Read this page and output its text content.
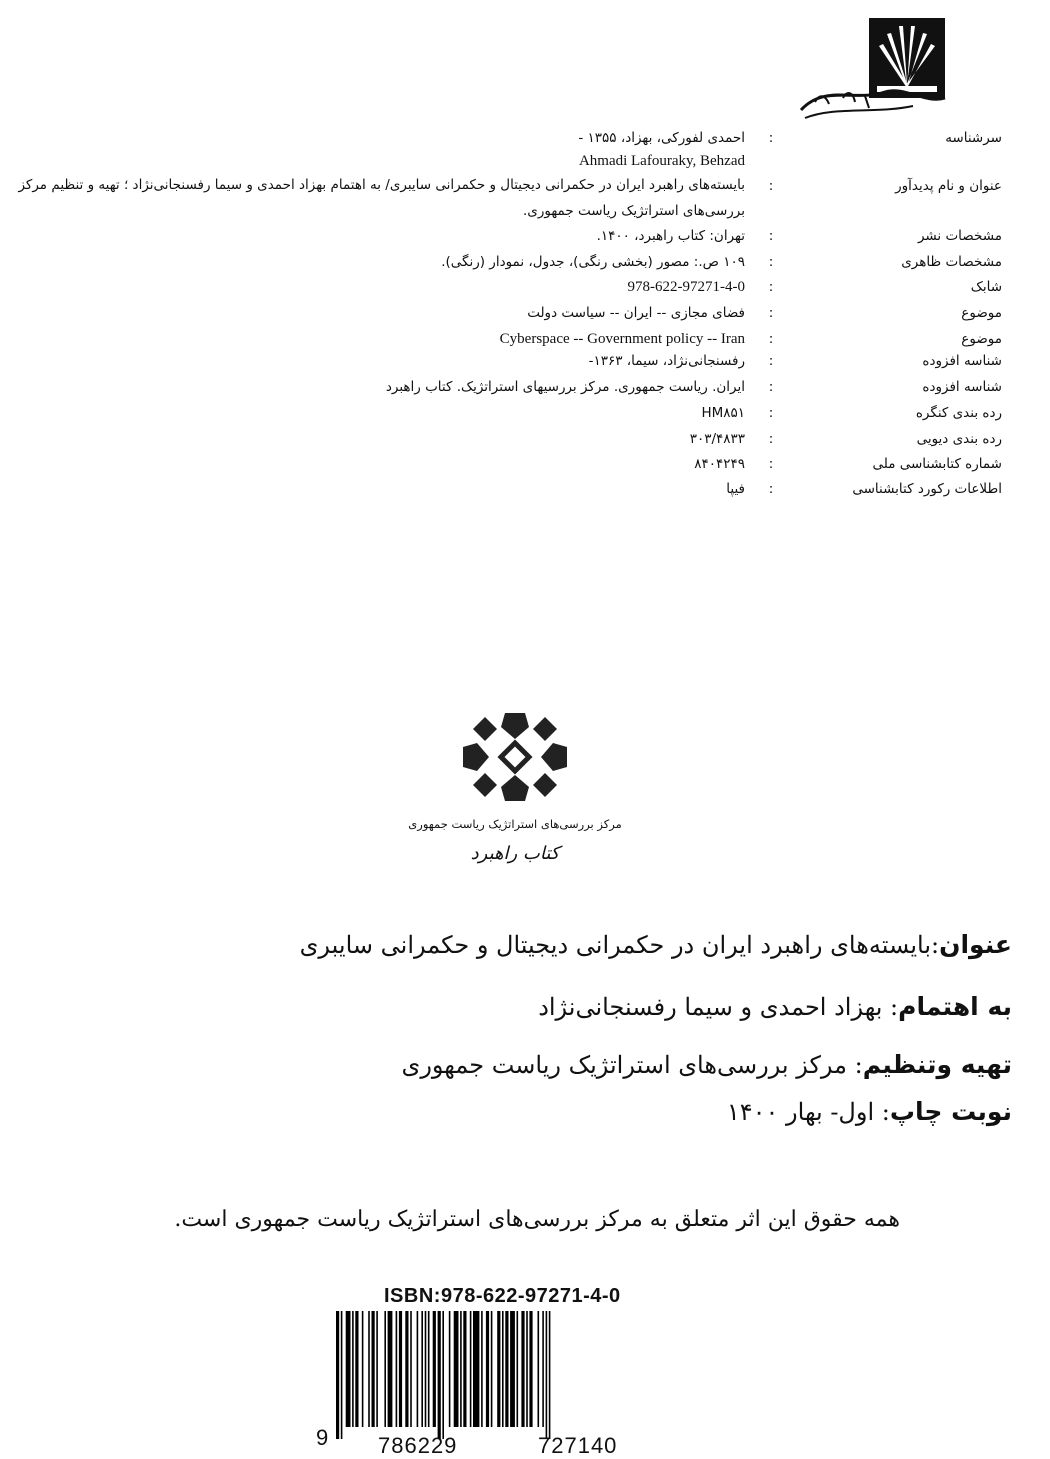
سرشناسه
:
احمدی لفورکی، بهزاد، ۱۳۵۵ -
Ahmadi Lafouraky, Behzad
عنوان و نام پدیدآور
:
بایسته‌های راهبرد ایران در حکمرانی دیجیتال و حکمرانی سایبری/ به اهتمام بهزاد احمدی و سیما رفسنجانی‌نژاد ؛ تهیه و تنظیم مرکز بررسی‌های استراتژیک ریاست جمهوری.
مشخصات نشر
:
تهران: کتاب راهبرد، ۱۴۰۰.
مشخصات ظاهری
:
۱۰۹ ص.: مصور (بخشی رنگی)، جدول، نمودار (رنگی).
شابک
:
978-622-97271-4-0
موضوع
:
فضای مجازی -- ایران -- سیاست دولت
موضوع
:
Cyberspace -- Government policy -- Iran
شناسه افزوده
:
رفسنجانی‌نژاد، سیما، ۱۳۶۳-
شناسه افزوده
:
ایران. ریاست جمهوری. مرکز بررسیهای استراتژیک. کتاب راهبرد
رده بندی کنگره
:
HM۸۵۱
رده بندی دیویی
:
۳۰۳/۴۸۳۳
شماره کتابشناسی ملی
:
۸۴۰۴۲۴۹
اطلاعات رکورد کتابشناسی
:
فیپا
مرکز بررسی‌های استراتژیک ریاست جمهوری
کتاب راهبرد
عنوان:بایسته‌های راهبرد ایران در حکمرانی دیجیتال و حکمرانی سایبری
به اهتمام: بهزاد احمدی و سیما رفسنجانی‌نژاد
تهیه وتنظیم: مرکز بررسی‌های استراتژیک ریاست جمهوری
نوبت چاپ: اول- بهار ۱۴۰۰
همه حقوق این اثر متعلق به مرکز بررسی‌های استراتژیک ریاست جمهوری است.
ISBN:978-622-97271-4-0
9 786229	727140
